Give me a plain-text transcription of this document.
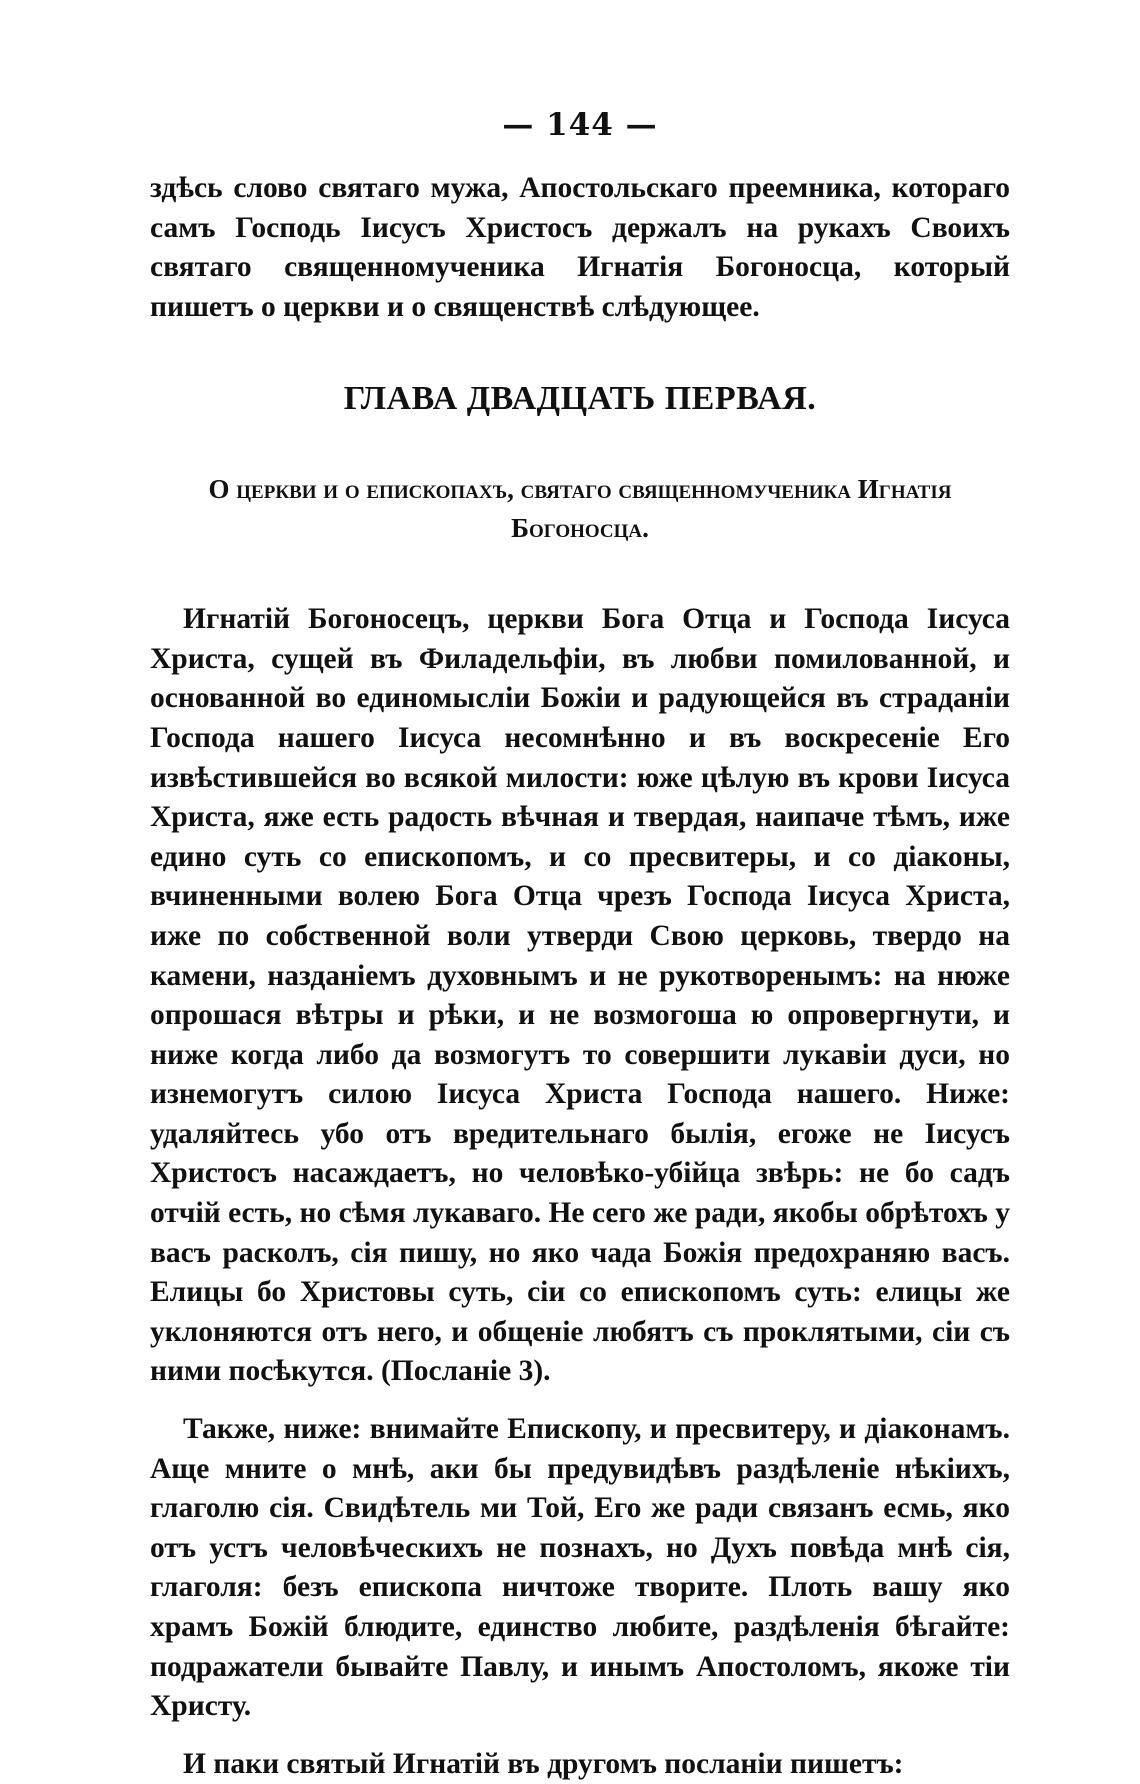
— 144 —

здѣсь слово святаго мужа, Апостольскаго преемника, котораго самъ Господь Іисусъ Христосъ держалъ на рукахъ Своихъ святаго священномученика Игнатія Богоносца, который пишетъ о церкви и о священствѣ слѣдующее.

ГЛАВА ДВАДЦАТЬ ПЕРВАЯ.
О церкви и о епископахъ, святаго священномученика Игнатія Богоносца.

Игнатій Богоносецъ, церкви Бога Отца и Господа Іисуса Христа, сущей въ Филадельфіи, въ любви помилованной, и основанной во единомысліи Божіи и радующейся въ страданіи Господа нашего Іисуса несомнѣнно и въ воскресеніе Его извѣстившейся во всякой милости: юже цѣлую въ крови Іисуса Христа, яже есть радость вѣчная и твердая, наипаче тѣмъ, иже едино суть со епископомъ, и со пресвитеры, и со діаконы, вчиненными волею Бога Отца чрезъ Господа Іисуса Христа, иже по собственной воли утверди Свою церковь, твердо на камени, назданіемъ духовнымъ и не рукотворенымъ: на нюже опрошася вѣтры и рѣки, и не возмогоша ю опровергнути, и ниже когда либо да возмогутъ то совершити лукавіи дуси, но изнемогутъ силою Іисуса Христа Господа нашего. Ниже: удаляйтесь убо отъ вредительнаго былія, егоже не Іисусъ Христосъ насаждаетъ, но человѣко-убійца звѣрь: не бо садъ отчій есть, но сѣмя лукаваго. Не сего же ради, якобы обрѣтохъ у васъ расколъ, сія пишу, но яко чада Божія предохраняю васъ. Елицы бо Христовы суть, сіи со епископомъ суть: елицы же уклоняются отъ него, и общеніе любятъ съ проклятыми, сіи съ ними посѣкутся. (Посланіе 3).

Также, ниже: внимайте Епископу, и пресвитеру, и діаконамъ. Аще мните о мнѣ, аки бы предувидѣвъ раздѣленіе нѣкіихъ, глаголю сія. Свидѣтель ми Той, Его же ради связанъ есмь, яко отъ устъ человѣческихъ не познахъ, но Духъ повѣда мнѣ сія, глаголя: безъ епископа ничтоже творите. Плоть вашу яко храмъ Божій блюдите, единство любите, раздѣленія бѣгайте: подражатели бывайте Павлу, и инымъ Апостоломъ, якоже тіи Христу.

И паки святый Игнатій въ другомъ посланіи пишетъ:
